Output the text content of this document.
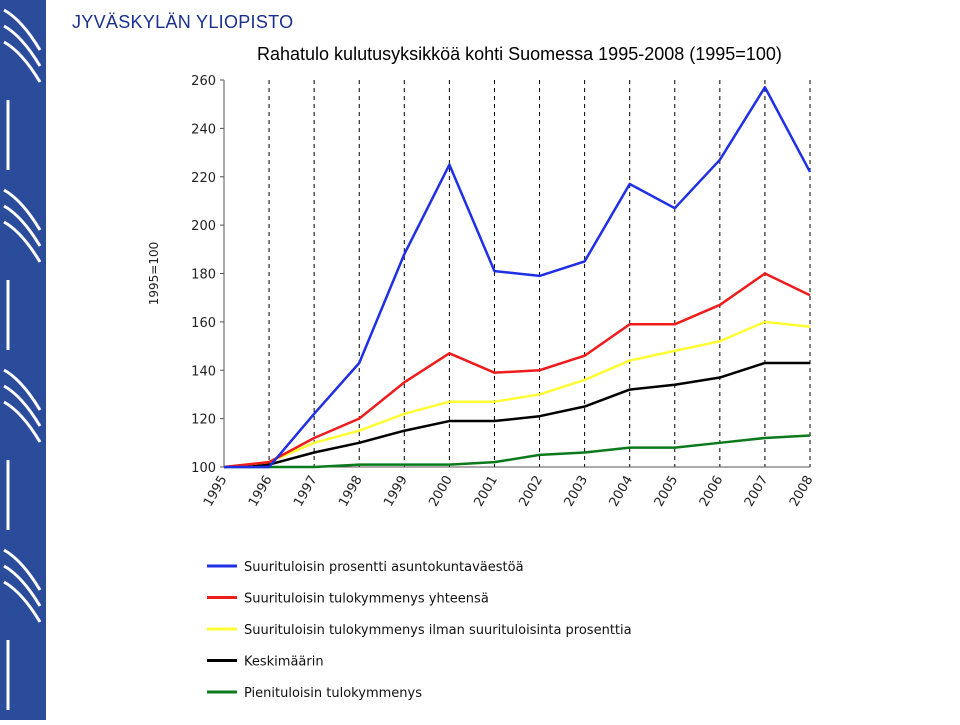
JYVÄSKYLÄN YLIOPISTO
Rahatulo kulutusyksikköä kohti Suomessa 1995-2008 (1995=100)
100
120
140
160
180
200
220
240
260
1995 1996 1997 1998 1999 2000 2001 2002 2003 2004 2005 2006 2007 2008
Suurituloisin prosentti asuntokuntaväestöä
Suurituloisin tulokymmenys yhteensä
Suurituloisin tulokymmenys ilman suurituloisinta prosenttia
Keskimäärin
Pienituloisin tulokymmenys
1995=100
